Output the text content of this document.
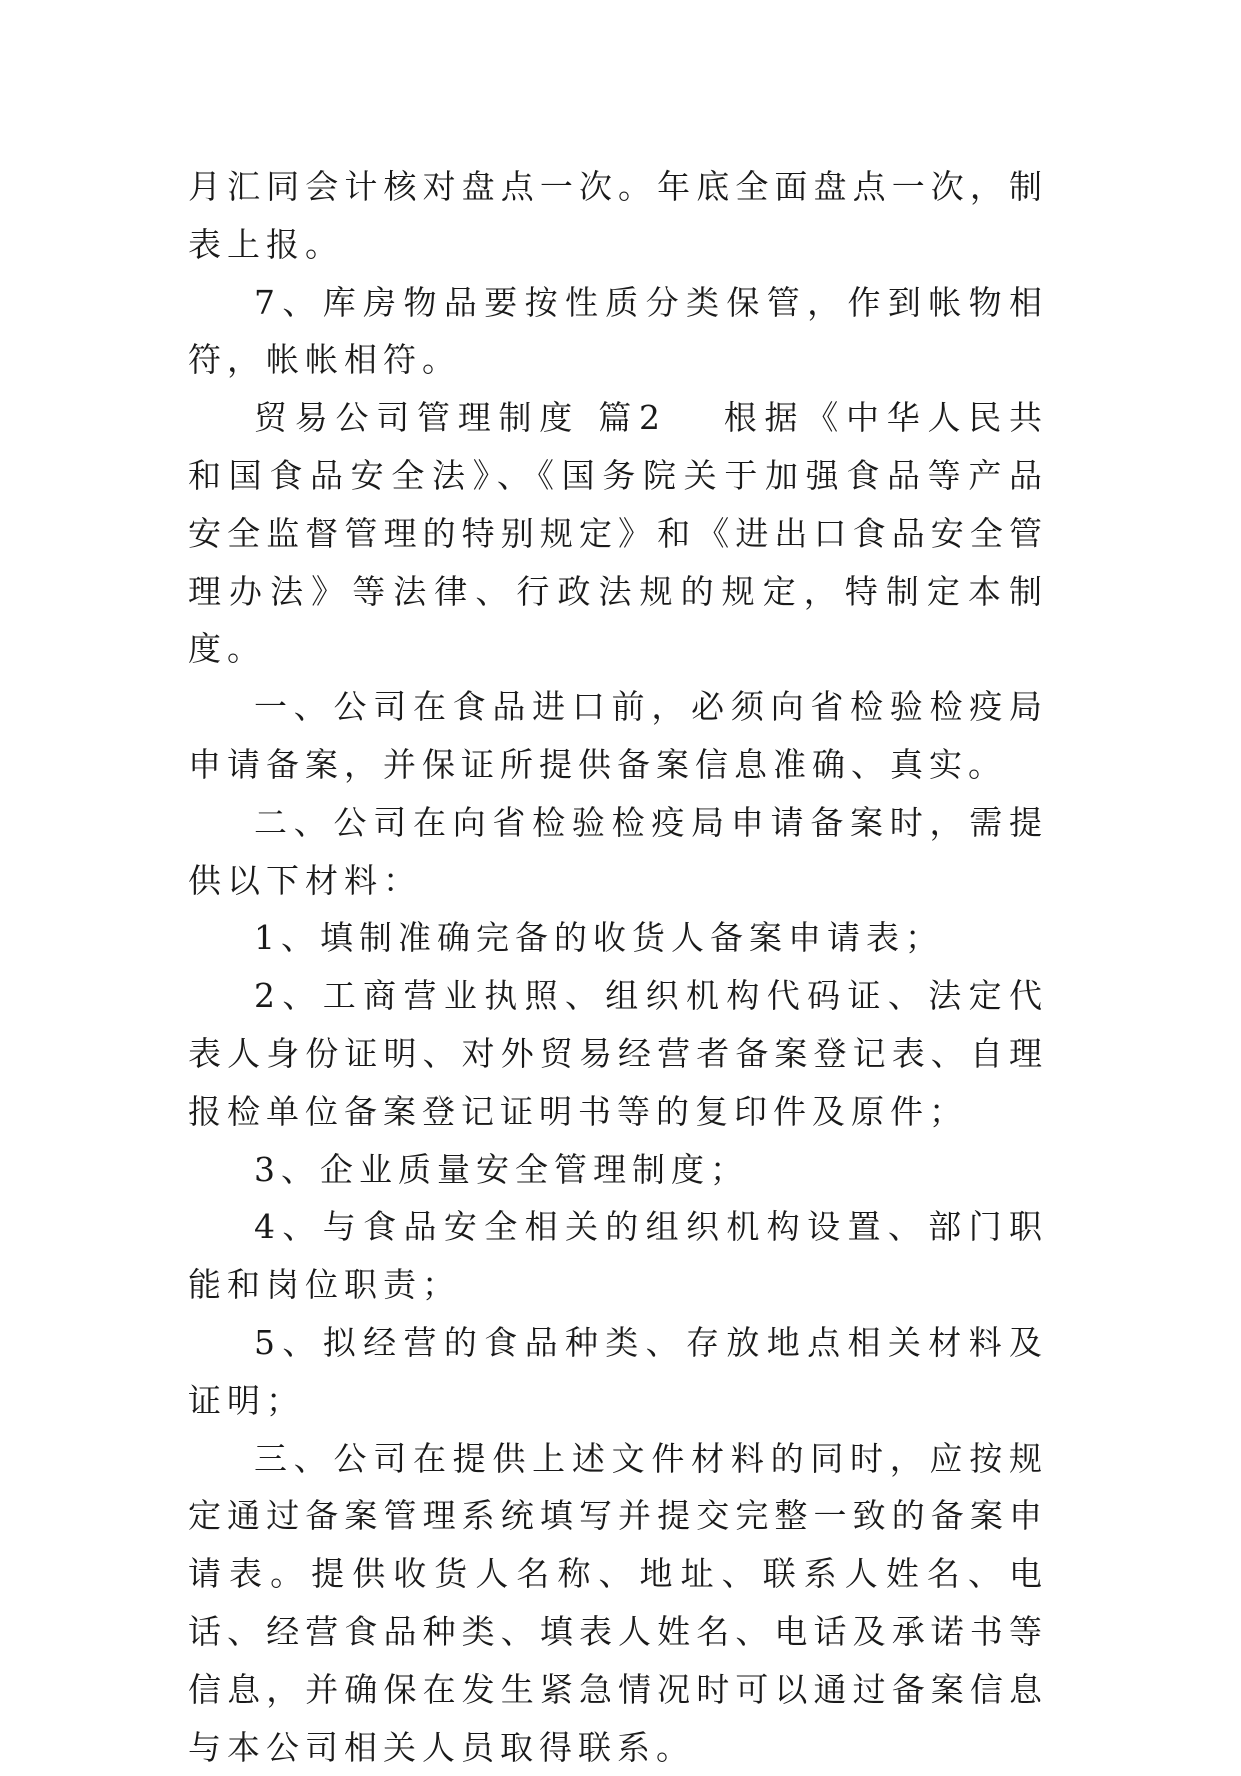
月汇同会计核对盘点一次。年底全面盘点一次，制表上报。

7、库房物品要按性质分类保管，作到帐物相符，帐帐相符。

贸易公司管理制度 篇2 根据《中华人民共和国食品安全法》、《国务院关于加强食品等产品安全监督管理的特别规定》和《进出口食品安全管理办法》等法律、行政法规的规定，特制定本制度。

一、公司在食品进口前，必须向省检验检疫局申请备案，并保证所提供备案信息准确、真实。

二、公司在向省检验检疫局申请备案时，需提供以下材料：

1、填制准确完备的收货人备案申请表；

2、工商营业执照、组织机构代码证、法定代表人身份证明、对外贸易经营者备案登记表、自理报检单位备案登记证明书等的复印件及原件；

3、企业质量安全管理制度；

4、与食品安全相关的组织机构设置、部门职能和岗位职责；

5、拟经营的食品种类、存放地点相关材料及证明；

三、公司在提供上述文件材料的同时，应按规定通过备案管理系统填写并提交完整一致的备案申请表。提供收货人名称、地址、联系人姓名、电话、经营食品种类、填表人姓名、电话及承诺书等信息，并确保在发生紧急情况时可以通过备案信息与本公司相关人员取得联系。
